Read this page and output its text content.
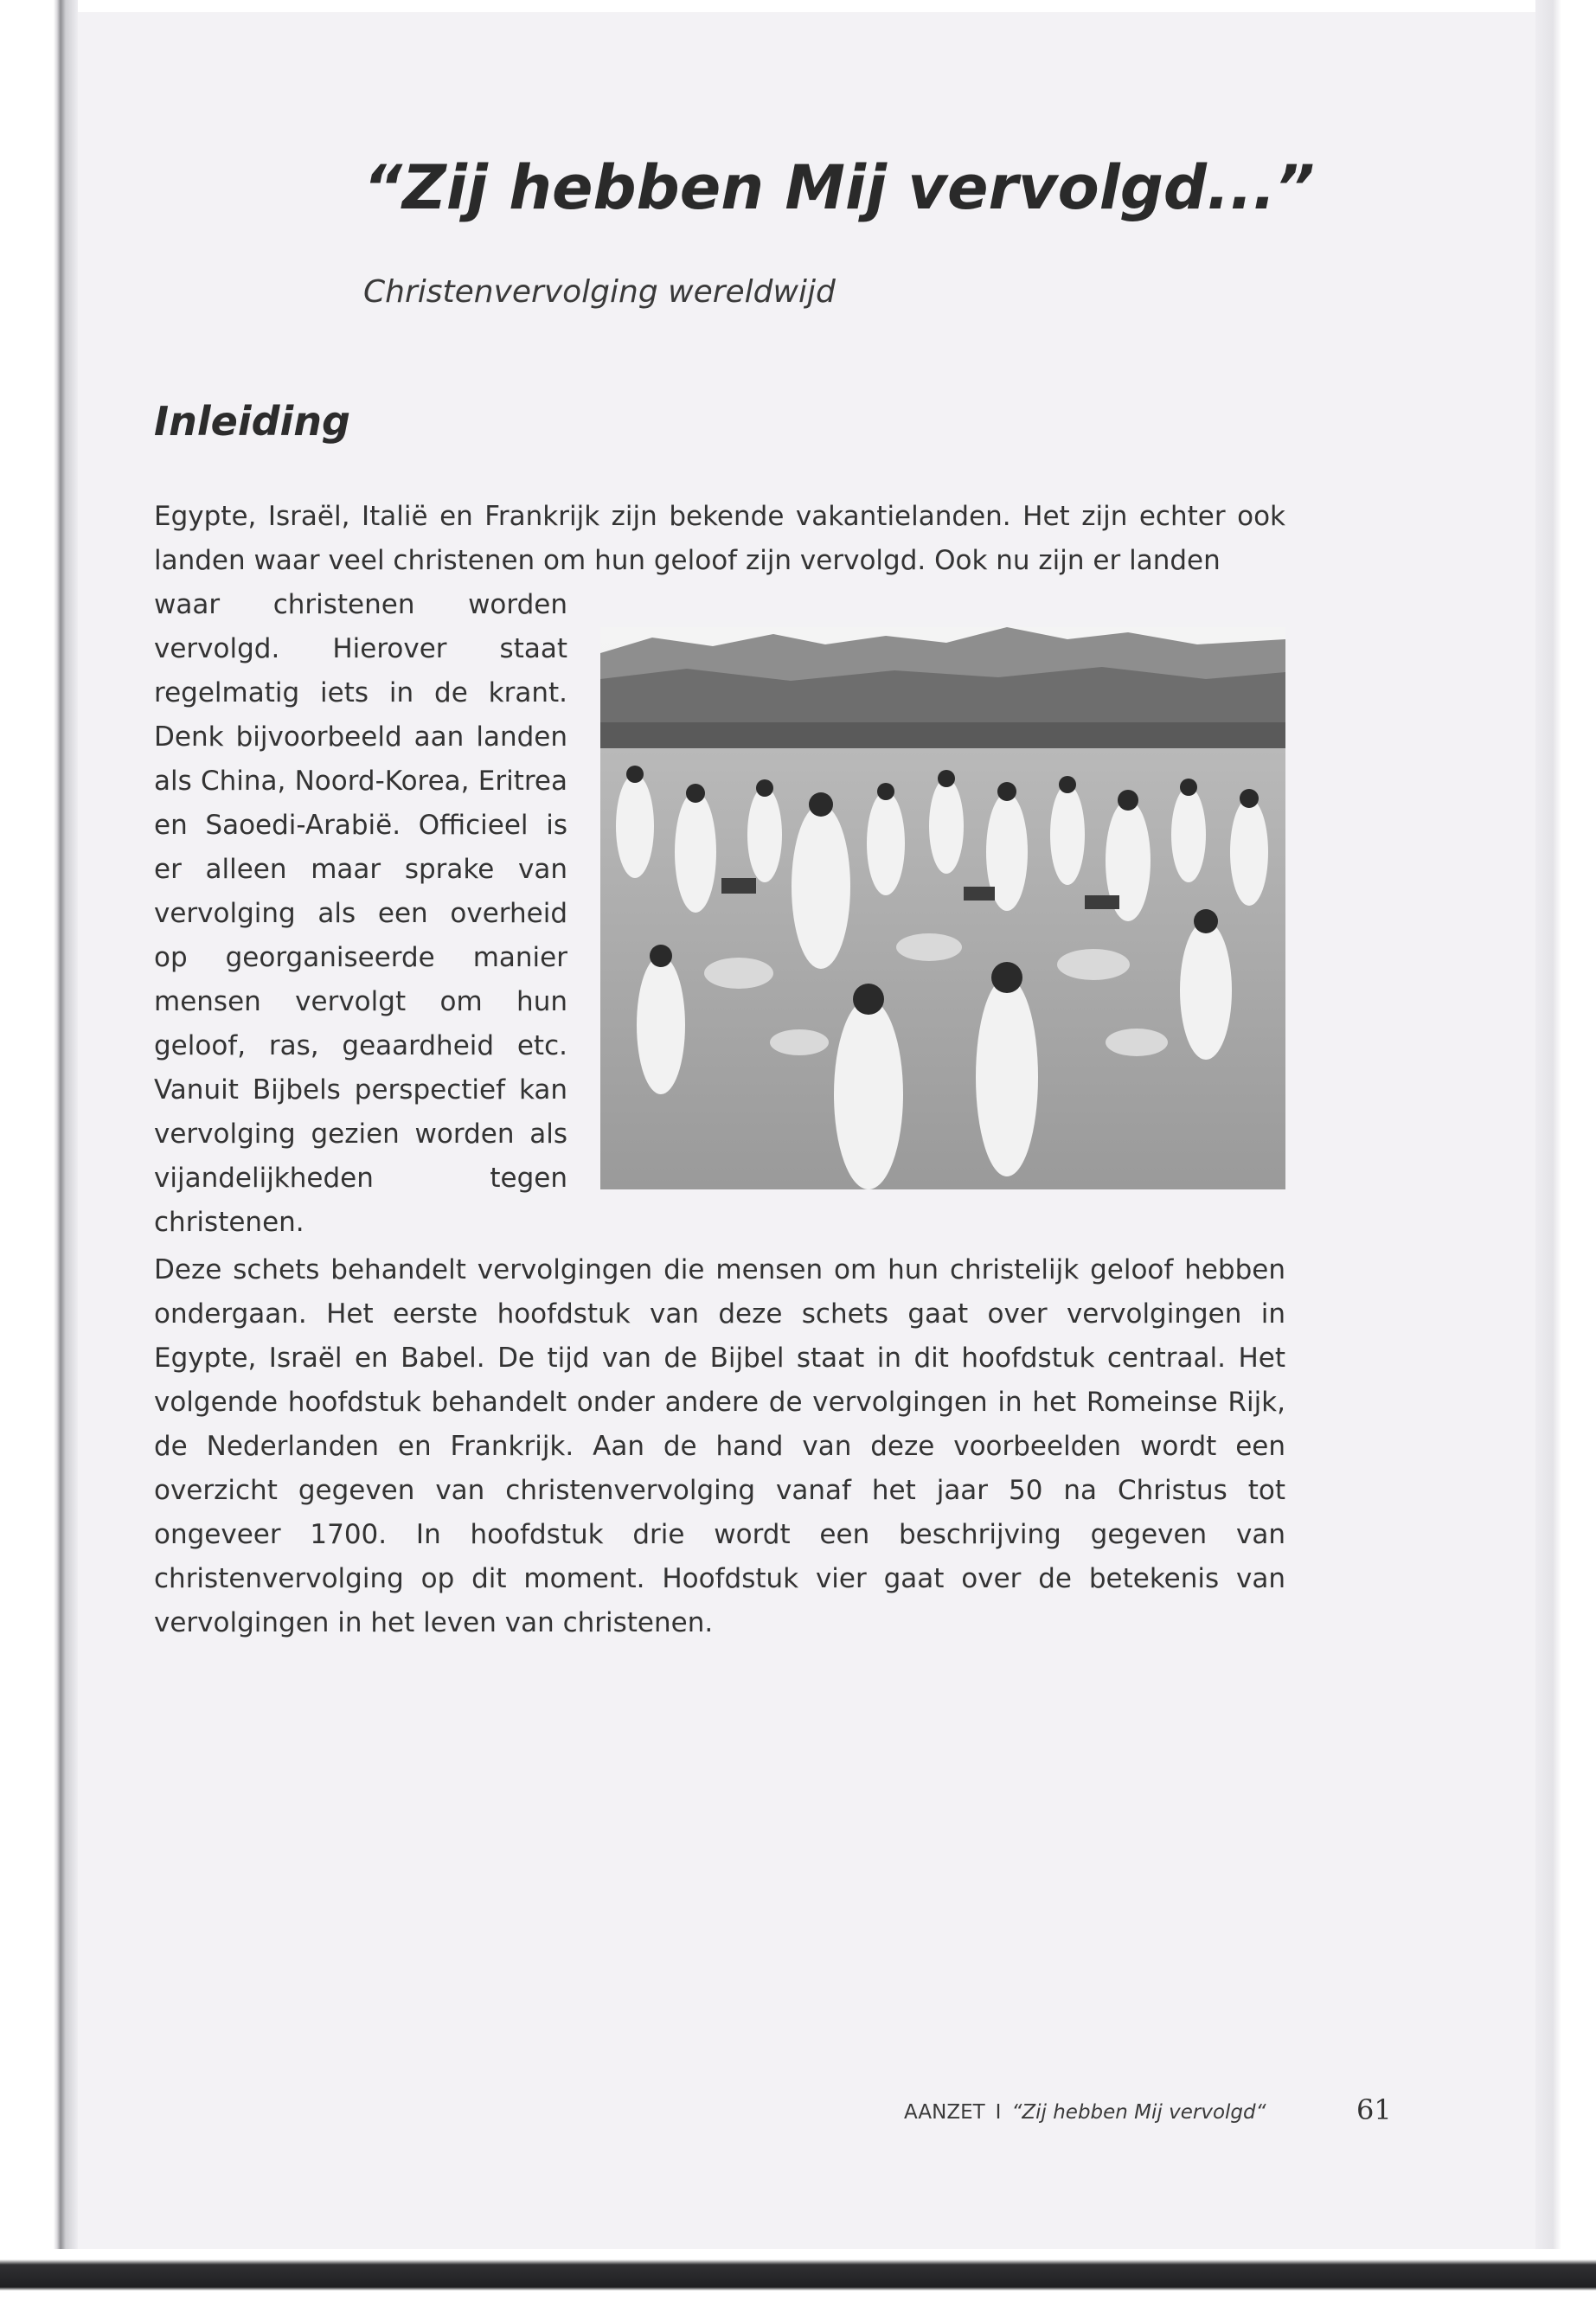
“Zij hebben Mij vervolgd...”

Christenvervolging wereldwijd

Inleiding

Egypte, Israël, Italië en Frankrijk zijn bekende vakantielanden. Het zijn echter ook landen waar veel christenen om hun geloof zijn vervolgd. Ook nu zijn er landen

waar christenen worden vervolgd. Hierover staat regelmatig iets in de krant. Denk bijvoorbeeld aan landen als China, Noord-Korea, Eritrea en Saoedi-Arabië. Officieel is er alleen maar sprake van vervolging als een overheid op georganiseerde manier mensen vervolgt om hun geloof, ras, geaardheid etc. Vanuit Bijbels perspectief kan vervolging gezien worden als vijandelijkheden tegen christenen.

Deze schets behandelt vervolgingen die mensen om hun christelijk geloof hebben ondergaan. Het eerste hoofdstuk van deze schets gaat over vervolgingen in Egypte, Israël en Babel. De tijd van de Bijbel staat in dit hoofdstuk centraal. Het volgende hoofdstuk behandelt onder andere de vervolgingen in het Romeinse Rijk, de Nederlanden en Frankrijk. Aan de hand van deze voorbeelden wordt een overzicht gegeven van christenvervolging vanaf het jaar 50 na Christus tot ongeveer 1700. In hoofdstuk drie wordt een beschrijving gegeven van christenvervolging op dit moment. Hoofdstuk vier gaat over de betekenis van vervolgingen in het leven van christenen.

AANZET I “Zij hebben Mij vervolgd“	61
